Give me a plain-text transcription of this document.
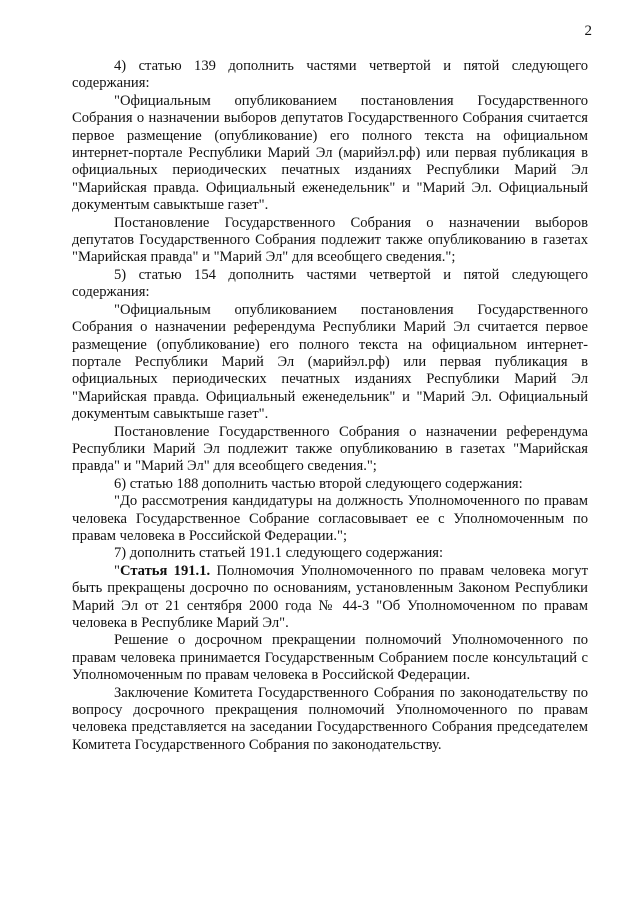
2

4) статью 139 дополнить частями четвертой и пятой следующего содержания:

"Официальным опубликованием постановления Государственного Собрания о назначении выборов депутатов Государственного Собрания считается первое размещение (опубликование) его полного текста на официальном интернет-портале Республики Марий Эл (марийэл.рф) или первая публикация в официальных периодических печатных изданиях Республики Марий Эл "Марийская правда. Официальный еженедельник" и "Марий Эл. Официальный документым савыктыше газет".

Постановление Государственного Собрания о назначении выборов депутатов Государственного Собрания подлежит также опубликованию в газетах "Марийская правда" и "Марий Эл" для всеобщего сведения.";

5) статью 154 дополнить частями четвертой и пятой следующего содержания:

"Официальным опубликованием постановления Государственного Собрания о назначении референдума Республики Марий Эл считается первое размещение (опубликование) его полного текста на официальном интернет-портале Республики Марий Эл (марийэл.рф) или первая публикация в официальных периодических печатных изданиях Республики Марий Эл "Марийская правда. Официальный еженедельник" и "Марий Эл. Официальный документым савыктыше газет".

Постановление Государственного Собрания о назначении референдума Республики Марий Эл подлежит также опубликованию в газетах "Марийская правда" и "Марий Эл" для всеобщего сведения.";

6) статью 188 дополнить частью второй следующего содержания:

"До рассмотрения кандидатуры на должность Уполномоченного по правам человека Государственное Собрание согласовывает ее с Уполномоченным по правам человека в Российской Федерации.";

7) дополнить статьей 191.1 следующего содержания:

"Статья 191.1. Полномочия Уполномоченного по правам человека могут быть прекращены досрочно по основаниям, установленным Законом Республики Марий Эл от 21 сентября 2000 года № 44-З "Об Уполномоченном по правам человека в Республике Марий Эл".

Решение о досрочном прекращении полномочий Уполномоченного по правам человека принимается Государственным Собранием после консультаций с Уполномоченным по правам человека в Российской Федерации.

Заключение Комитета Государственного Собрания по законодательству по вопросу досрочного прекращения полномочий Уполномоченного по правам человека представляется на заседании Государственного Собрания председателем Комитета Государственного Собрания по законодательству.
